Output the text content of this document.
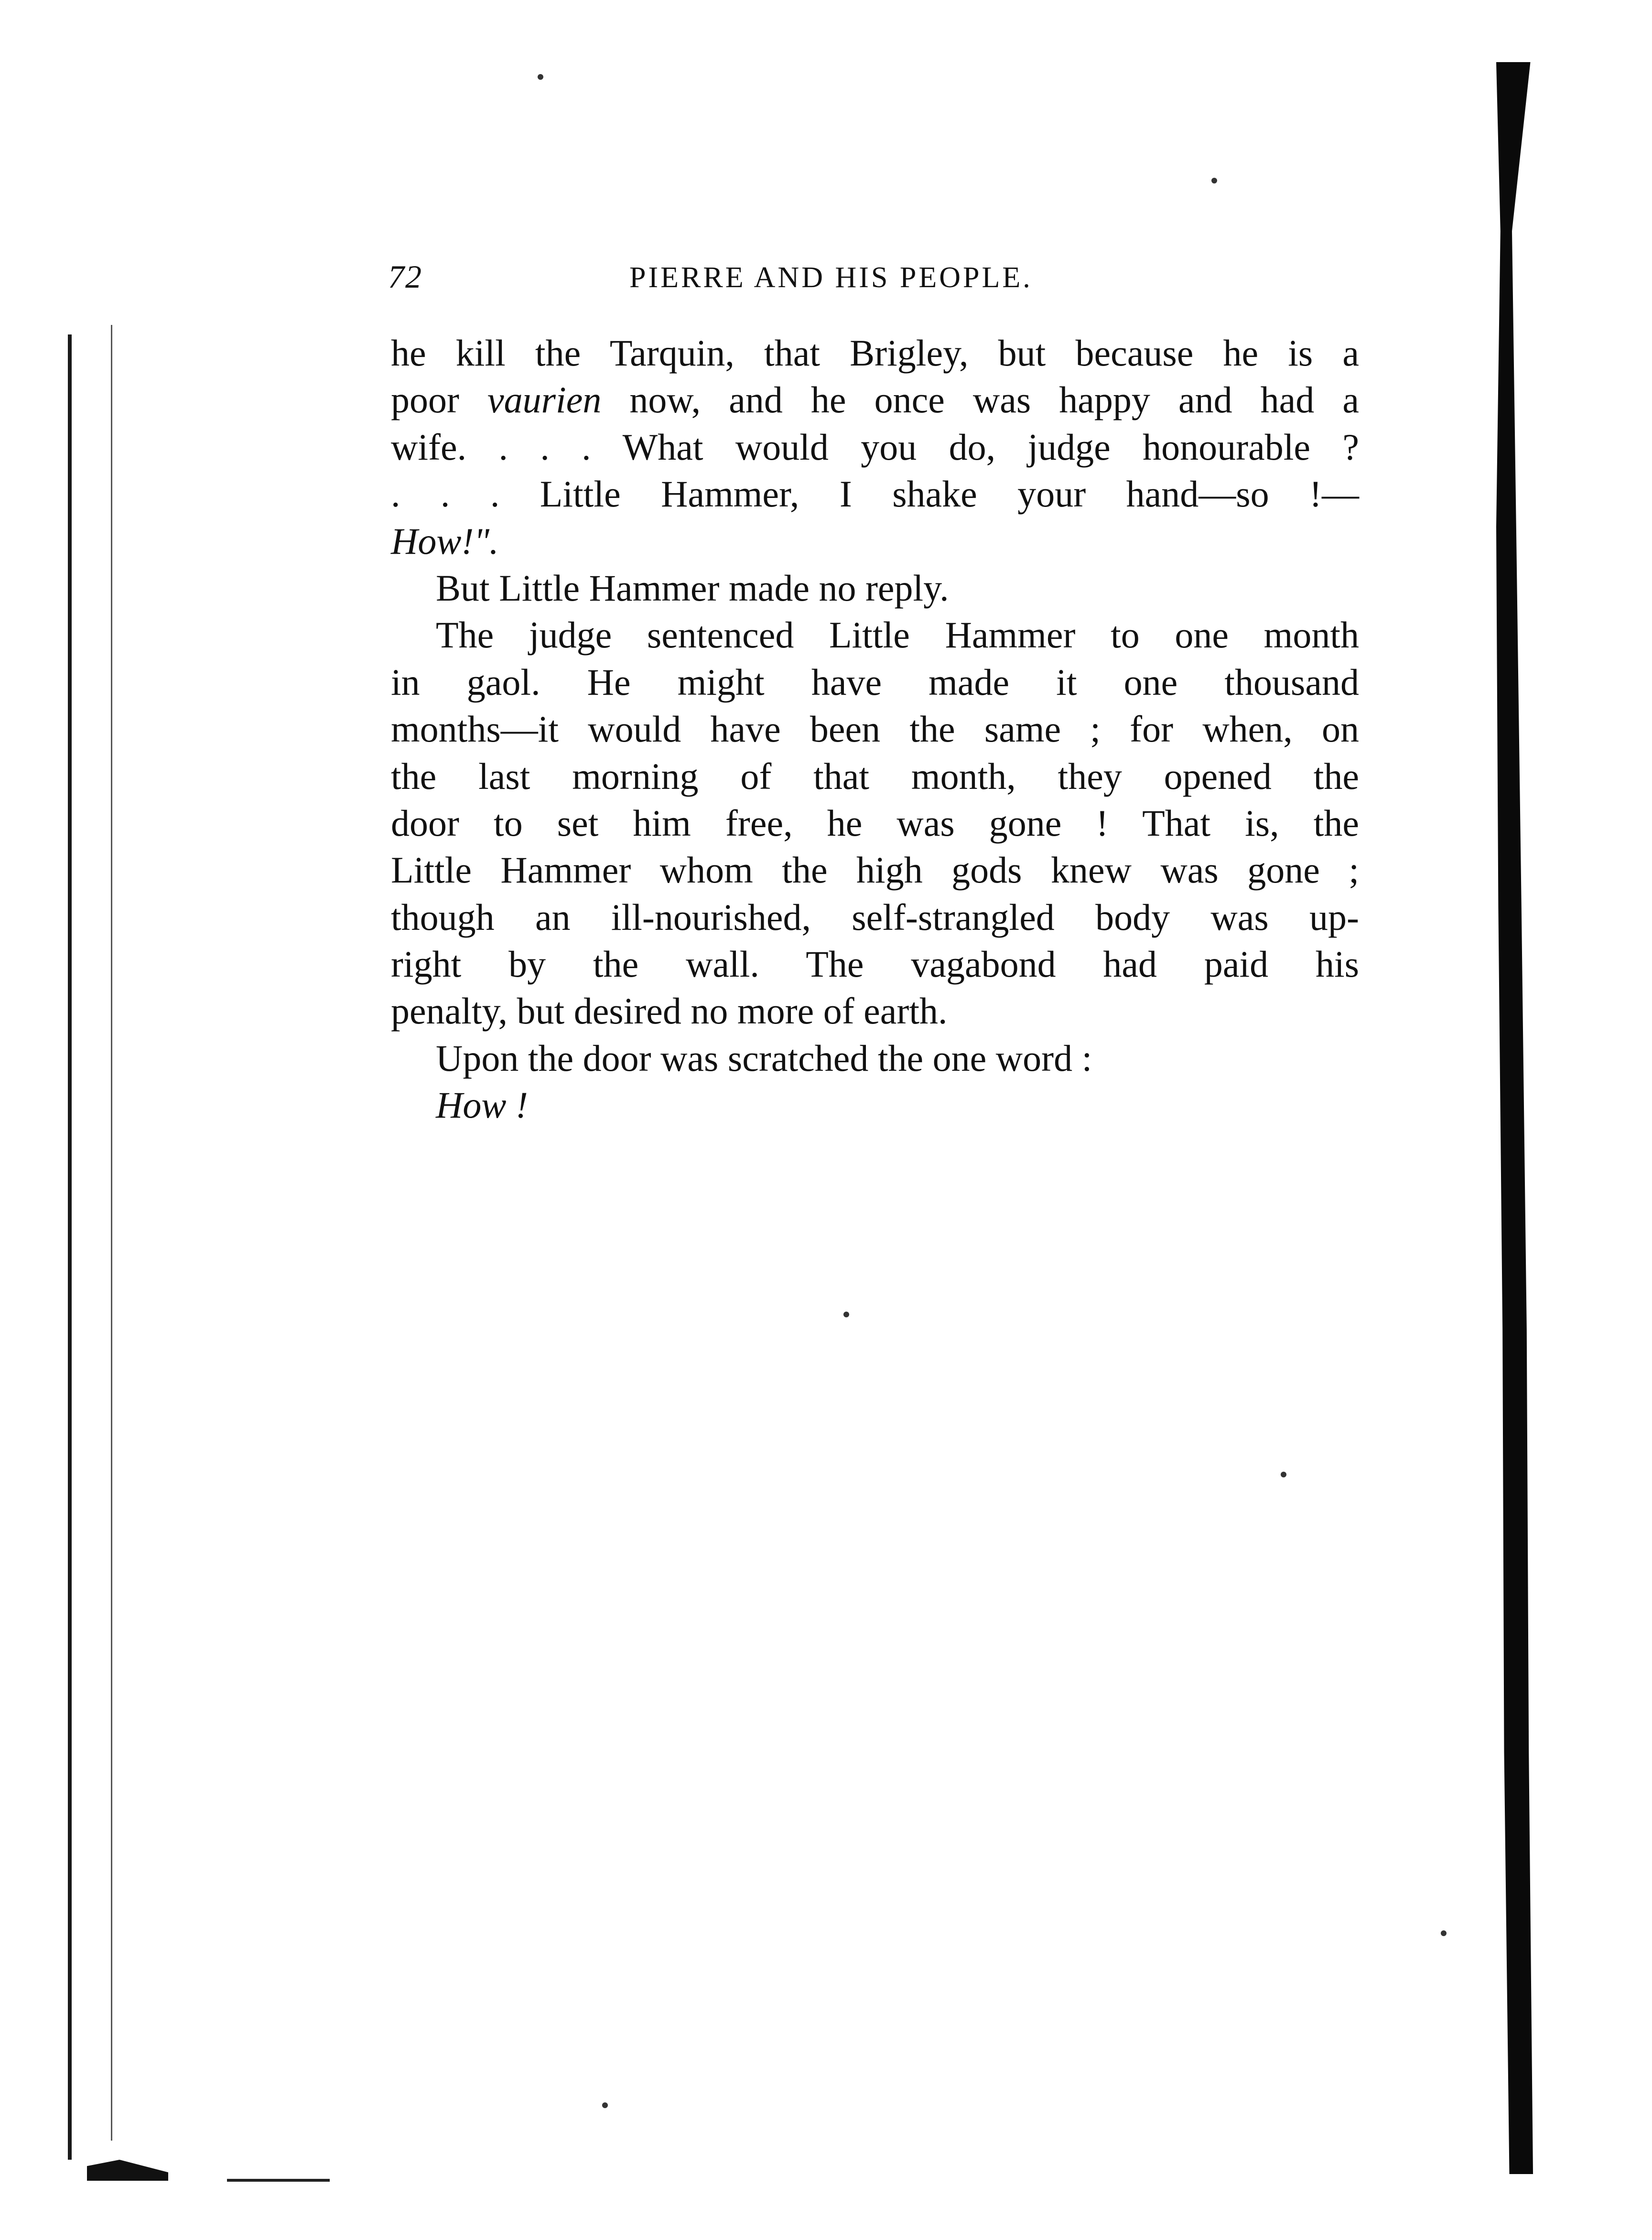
72	PIERRE AND HIS PEOPLE.
he kill the Tarquin, that Brigley, but because he is a
poor vaurien now, and he once was happy and had a
wife. . . . What would you do, judge honourable ?
. . . Little Hammer, I shake your hand—so !—
How!".
But Little Hammer made no reply.
The judge sentenced Little Hammer to one month
in gaol. He might have made it one thousand
months—it would have been the same ; for when, on
the last morning of that month, they opened the
door to set him free, he was gone ! That is, the
Little Hammer whom the high gods knew was gone ;
though an ill-nourished, self-strangled body was up-
right by the wall. The vagabond had paid his
penalty, but desired no more of earth.
Upon the door was scratched the one word :
How !
